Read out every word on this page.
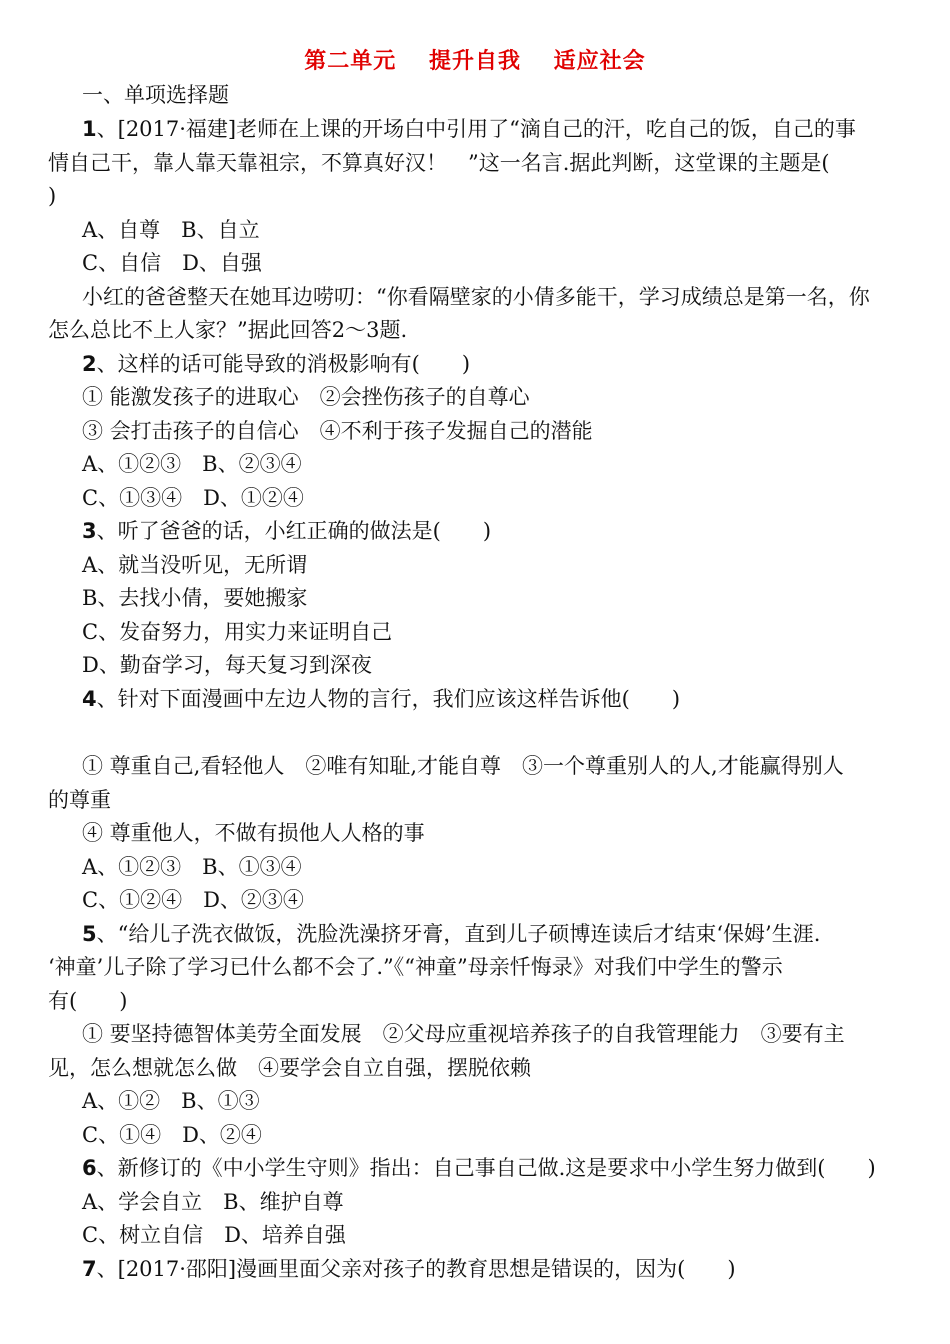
第二单元 提升自我 适应社会
一、单项选择题
1、[2017·福建]老师在上课的开场白中引用了“滴自己的汗，吃自己的饭，自己的事
情自己干，靠人靠天靠祖宗，不算真好汉！　”这一名言.据此判断，这堂课的主题是(
)
A、自尊　B、自立
C、自信　D、自强
小红的爸爸整天在她耳边唠叨：“你看隔壁家的小倩多能干，学习成绩总是第一名，你
怎么总比不上人家？”据此回答2～3题.
2、这样的话可能导致的消极影响有(　　)
① 能激发孩子的进取心　②会挫伤孩子的自尊心
③ 会打击孩子的自信心　④不利于孩子发掘自己的潜能
A、①②③　B、②③④
C、①③④　D、①②④
3、听了爸爸的话，小红正确的做法是(　　)
A、就当没听见，无所谓
B、去找小倩，要她搬家
C、发奋努力，用实力来证明自己
D、勤奋学习，每天复习到深夜
4、针对下面漫画中左边人物的言行，我们应该这样告诉他(　　)
① 尊重自己,看轻他人　②唯有知耻,才能自尊　③一个尊重别人的人,才能赢得别人
的尊重
④ 尊重他人，不做有损他人人格的事
A、①②③　B、①③④
C、①②④　D、②③④
5、“给儿子洗衣做饭，洗脸洗澡挤牙膏，直到儿子硕博连读后才结束‘保姆’生涯.
‘神童’儿子除了学习已什么都不会了.”《“神童”母亲忏悔录》对我们中学生的警示
有(　　)
① 要坚持德智体美劳全面发展　②父母应重视培养孩子的自我管理能力　③要有主
见，怎么想就怎么做　④要学会自立自强，摆脱依赖
A、①②　B、①③
C、①④　D、②④
6、新修订的《中小学生守则》指出：自己事自己做.这是要求中小学生努力做到(　　)
A、学会自立　B、维护自尊
C、树立自信　D、培养自强
7、[2017·邵阳]漫画里面父亲对孩子的教育思想是错误的，因为(　　)
